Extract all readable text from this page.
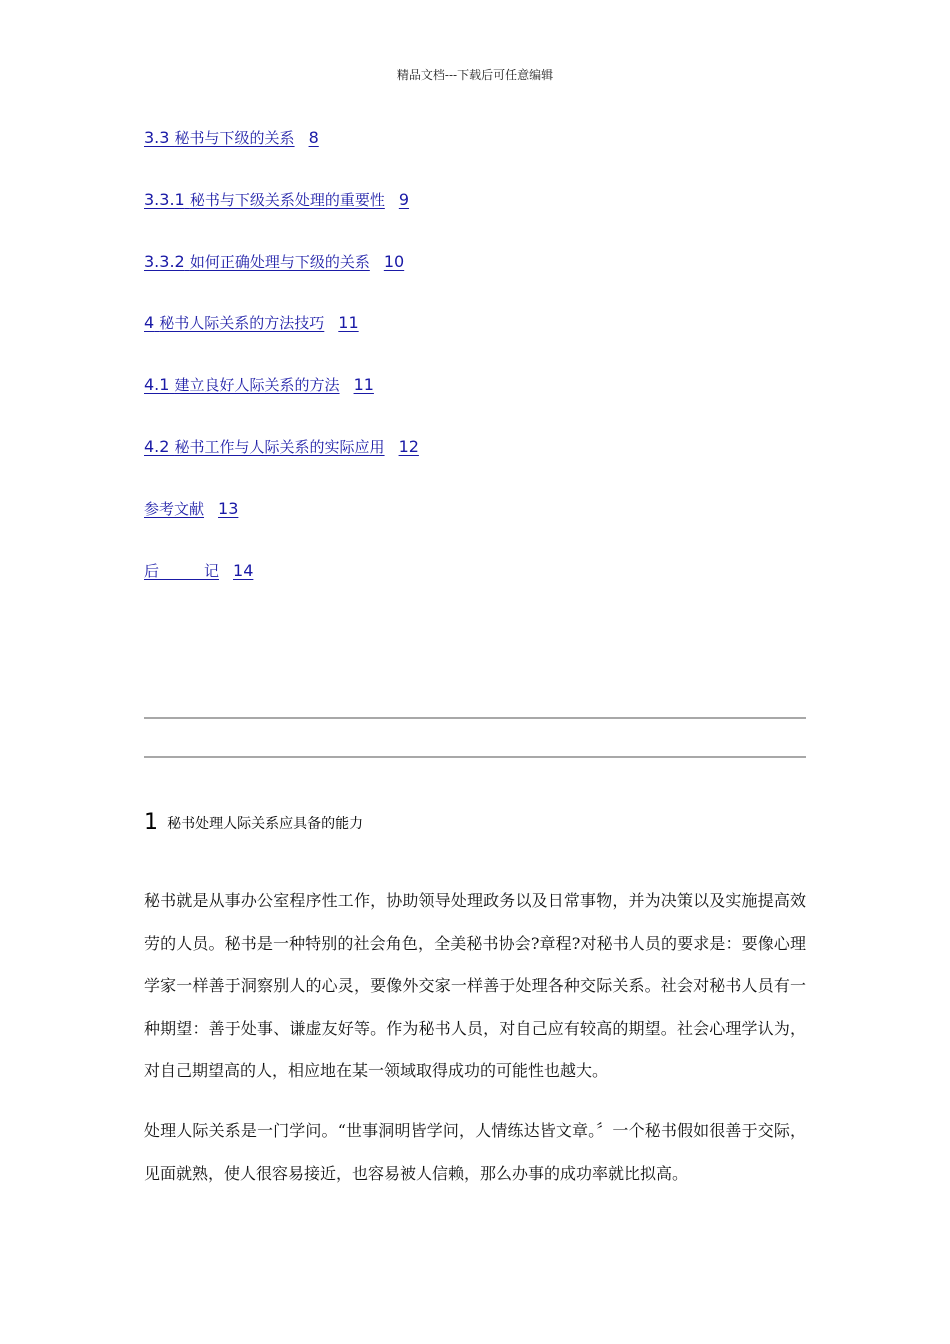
精品文档---下载后可任意编辑
3.3 秘书与下级的关系 8
3.3.1 秘书与下级关系处理的重要性 9
3.3.2 如何正确处理与下级的关系 10
4 秘书人际关系的方法技巧 11
4.1 建立良好人际关系的方法 11
4.2 秘书工作与人际关系的实际应用 12
参考文献 13
后　　　记 14
1 秘书处理人际关系应具备的能力

秘书就是从事办公室程序性工作，协助领导处理政务以及日常事物，并为决策以及实施提高效劳的人员。秘书是一种特别的社会角色，全美秘书协会?章程?对秘书人员的要求是：要像心理学家一样善于洞察别人的心灵，要像外交家一样善于处理各种交际关系。社会对秘书人员有一种期望：善于处事、谦虚友好等。作为秘书人员，对自己应有较高的期望。社会心理学认为，对自己期望高的人，相应地在某一领域取得成功的可能性也越大。

处理人际关系是一门学问。“世事洞明皆学问，人情练达皆文章。〞一个秘书假如很善于交际，见面就熟，使人很容易接近，也容易被人信赖，那么办事的成功率就比拟高。
